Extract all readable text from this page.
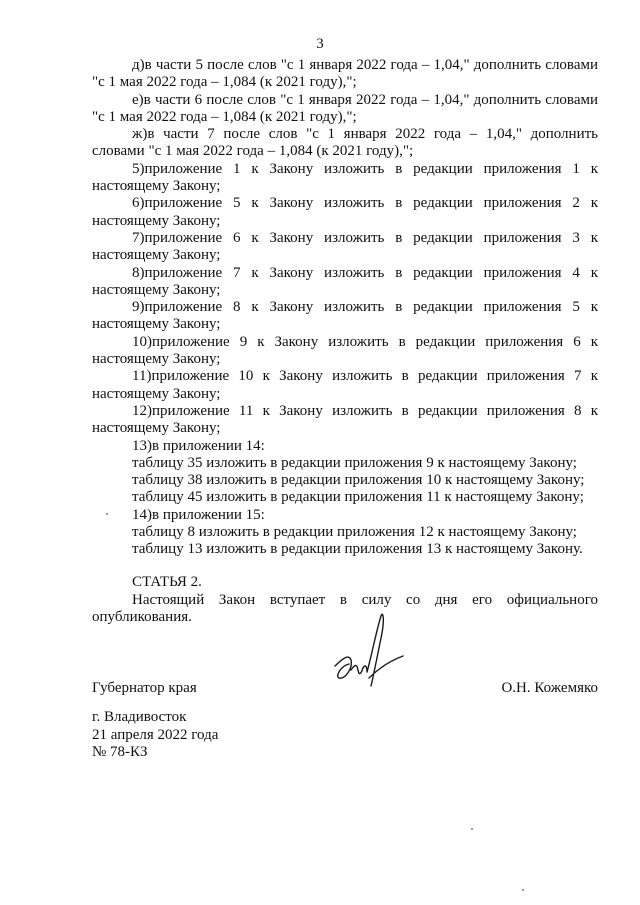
3
д)в части 5 после слов "с 1 января 2022 года – 1,04," дополнить словами
"с 1 мая 2022 года – 1,084 (к 2021 году),";
е)в части 6 после слов "с 1 января 2022 года – 1,04," дополнить словами
"с 1 мая 2022 года – 1,084 (к 2021 году),";
ж)в части 7 после слов "с 1 января 2022 года – 1,04," дополнить
словами "с 1 мая 2022 года – 1,084 (к 2021 году),";
5)приложение 1 к Закону изложить в редакции приложения 1 к
настоящему Закону;
6)приложение 5 к Закону изложить в редакции приложения 2 к
настоящему Закону;
7)приложение 6 к Закону изложить в редакции приложения 3 к
настоящему Закону;
8)приложение 7 к Закону изложить в редакции приложения 4 к
настоящему Закону;
9)приложение 8 к Закону изложить в редакции приложения 5 к
настоящему Закону;
10)приложение 9 к Закону изложить в редакции приложения 6 к
настоящему Закону;
11)приложение 10 к Закону изложить в редакции приложения 7 к
настоящему Закону;
12)приложение 11 к Закону изложить в редакции приложения 8 к
настоящему Закону;
13)в приложении 14:
таблицу 35 изложить в редакции приложения 9 к настоящему Закону;
таблицу 38 изложить в редакции приложения 10 к настоящему Закону;
таблицу 45 изложить в редакции приложения 11 к настоящему Закону;
14)в приложении 15:
таблицу 8 изложить в редакции приложения 12 к настоящему Закону;
таблицу 13 изложить в редакции приложения 13 к настоящему Закону.
СТАТЬЯ 2.
Настоящий Закон вступает в силу со дня его официального
опубликования.
Губернатор края	О.Н. Кожемяко
г. Владивосток
21 апреля 2022 года
№ 78-КЗ
